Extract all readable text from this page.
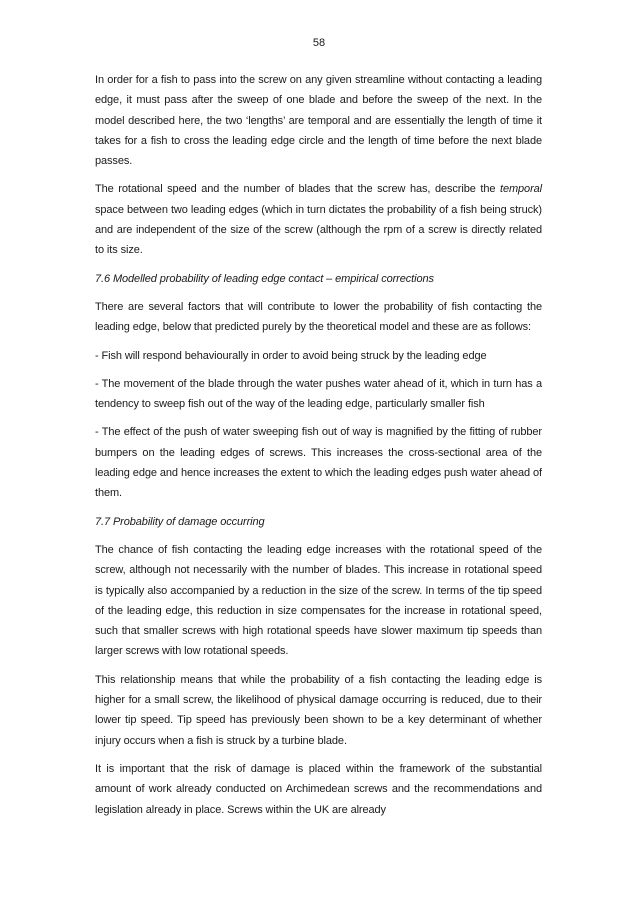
58

In order for a fish to pass into the screw on any given streamline without contacting a leading edge, it must pass after the sweep of one blade and before the sweep of the next. In the model described here, the two ‘lengths’ are temporal and are essentially the length of time it takes for a fish to cross the leading edge circle and the length of time before the next blade passes.

The rotational speed and the number of blades that the screw has, describe the temporal space between two leading edges (which in turn dictates the probability of a fish being struck) and are independent of the size of the screw (although the rpm of a screw is directly related to its size.

7.6 Modelled probability of leading edge contact – empirical corrections

There are several factors that will contribute to lower the probability of fish contacting the leading edge, below that predicted purely by the theoretical model and these are as follows:

- Fish will respond behaviourally in order to avoid being struck by the leading edge

- The movement of the blade through the water pushes water ahead of it, which in turn has a tendency to sweep fish out of the way of the leading edge, particularly smaller fish

- The effect of the push of water sweeping fish out of way is magnified by the fitting of rubber bumpers on the leading edges of screws. This increases the cross-sectional area of the leading edge and hence increases the extent to which the leading edges push water ahead of them.

7.7 Probability of damage occurring

The chance of fish contacting the leading edge increases with the rotational speed of the screw, although not necessarily with the number of blades. This increase in rotational speed is typically also accompanied by a reduction in the size of the screw. In terms of the tip speed of the leading edge, this reduction in size compensates for the increase in rotational speed, such that smaller screws with high rotational speeds have slower maximum tip speeds than larger screws with low rotational speeds.

This relationship means that while the probability of a fish contacting the leading edge is higher for a small screw, the likelihood of physical damage occurring is reduced, due to their lower tip speed. Tip speed has previously been shown to be a key determinant of whether injury occurs when a fish is struck by a turbine blade.

It is important that the risk of damage is placed within the framework of the substantial amount of work already conducted on Archimedean screws and the recommendations and legislation already in place. Screws within the UK are already
